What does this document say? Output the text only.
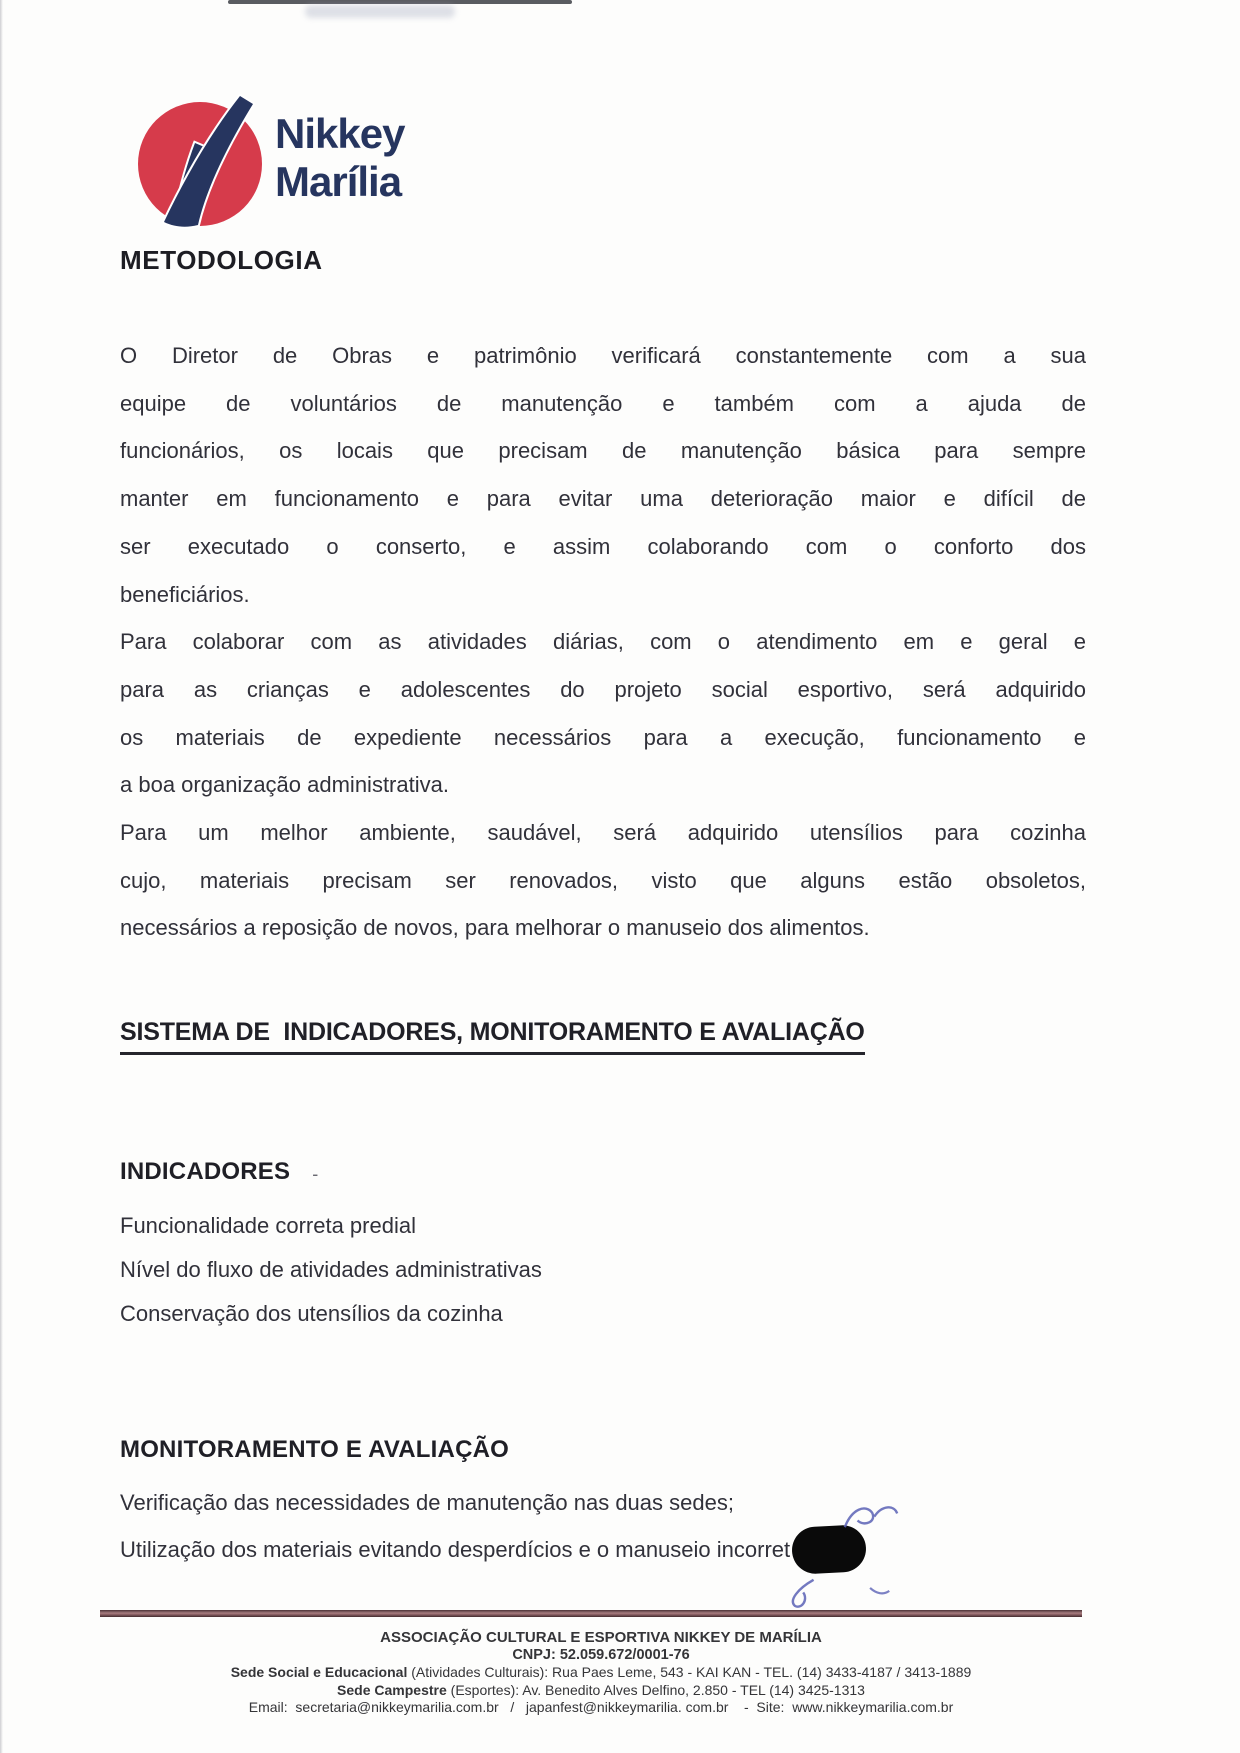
Nikkey
Marília
METODOLOGIA
O Diretor de Obras e patrimônio verificará constantemente com a sua
equipe de voluntários de manutenção e também com a ajuda de
funcionários, os locais que precisam de manutenção básica para sempre
manter em funcionamento e para evitar uma deterioração maior e difícil de
ser executado o conserto, e assim colaborando com o conforto dos
beneficiários.
Para colaborar com as atividades diárias, com o atendimento em e geral e
para as crianças e adolescentes do projeto social esportivo, será adquirido
os materiais de expediente necessários para a execução, funcionamento e
a boa organização administrativa.
Para um melhor ambiente, saudável, será adquirido utensílios para cozinha
cujo, materiais precisam ser renovados, visto que alguns estão obsoletos,
necessários a reposição de novos, para melhorar o manuseio dos alimentos.
SISTEMA DE  INDICADORES, MONITORAMENTO E AVALIAÇÃO
INDICADORES -
Funcionalidade correta predial
Nível do fluxo de atividades administrativas
Conservação dos utensílios da cozinha
MONITORAMENTO E AVALIAÇÃO
Verificação das necessidades de manutenção nas duas sedes;
Utilização dos materiais evitando desperdícios e o manuseio incorret
ASSOCIAÇÃO CULTURAL E ESPORTIVA NIKKEY DE MARÍLIA
CNPJ: 52.059.672/0001-76
Sede Social e Educacional (Atividades Culturais): Rua Paes Leme, 543 - KAI KAN - TEL. (14) 3433-4187 / 3413-1889
Sede Campestre (Esportes): Av. Benedito Alves Delfino, 2.850 - TEL (14) 3425-1313
Email:  secretaria@nikkeymarilia.com.br   /   japanfest@nikkeymarilia. com.br    -  Site:  www.nikkeymarilia.com.br
